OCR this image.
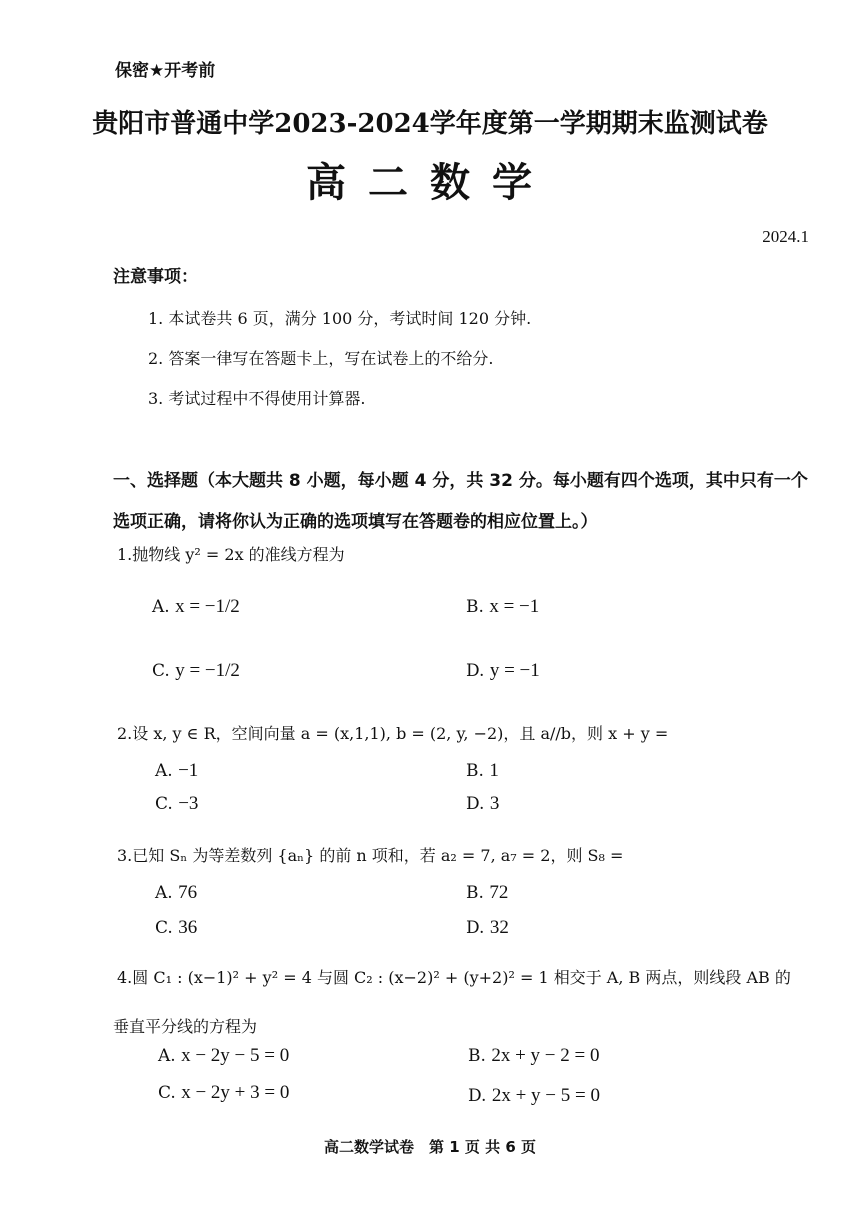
保密★开考前
贵阳市普通中学2023-2024学年度第一学期期末监测试卷
高二数学
2024.1
注意事项：
1. 本试卷共 6 页，满分 100 分，考试时间 120 分钟.
2. 答案一律写在答题卡上，写在试卷上的不给分.
3. 考试过程中不得使用计算器.
一、选择题（本大题共 8 小题，每小题 4 分，共 32 分。每小题有四个选项，其中只有一个
选项正确，请将你认为正确的选项填写在答题卷的相应位置上。）
1.抛物线 y² = 2x 的准线方程为
A. x = −1/2	B. x = −1
C. y = −1/2	D. y = −1
2.设 x, y ∈ R，空间向量 a = (x,1,1), b = (2, y, −2)，且 a//b，则 x + y =
A. −1	B. 1
C. −3	D. 3
3.已知 Sₙ 为等差数列 {aₙ} 的前 n 项和，若 a₂ = 7, a₇ = 2，则 S₈ =
A. 76	B. 72
C. 36	D. 32
4.圆 C₁ : (x−1)² + y² = 4 与圆 C₂ : (x−2)² + (y+2)² = 1 相交于 A, B 两点，则线段 AB 的
垂直平分线的方程为
A. x − 2y − 5 = 0	B. 2x + y − 2 = 0
C. x − 2y + 3 = 0	D. 2x + y − 5 = 0
高二数学试卷　第 1 页 共 6 页
